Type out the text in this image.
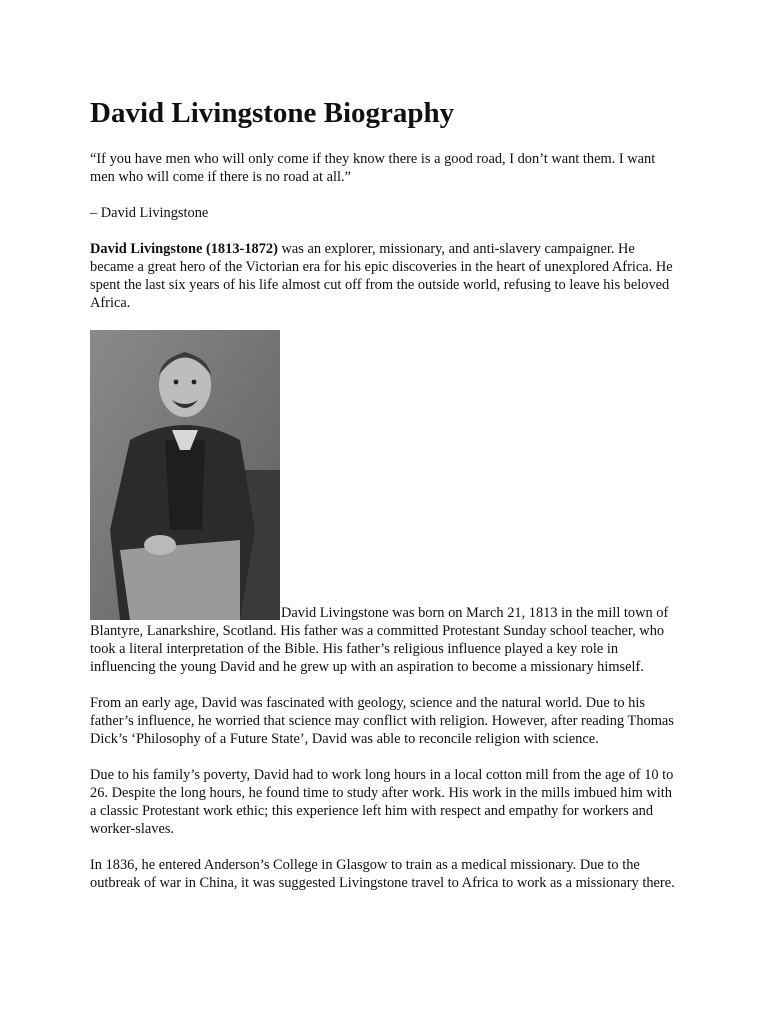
David Livingstone Biography

“If you have men who will only come if they know there is a good road, I don’t want them. I want men who will come if there is no road at all.”

– David Livingstone

David Livingstone (1813-1872) was an explorer, missionary, and anti-slavery campaigner. He became a great hero of the Victorian era for his epic discoveries in the heart of unexplored Africa. He spent the last six years of his life almost cut off from the outside world, refusing to leave his beloved Africa.

David Livingstone was born on March 21, 1813 in the mill town of Blantyre, Lanarkshire, Scotland. His father was a committed Protestant Sunday school teacher, who took a literal interpretation of the Bible. His father’s religious influence played a key role in influencing the young David and he grew up with an aspiration to become a missionary himself.

From an early age, David was fascinated with geology, science and the natural world. Due to his father’s influence, he worried that science may conflict with religion. However, after reading Thomas Dick’s ‘Philosophy of a Future State’, David was able to reconcile religion with science.

Due to his family’s poverty, David had to work long hours in a local cotton mill from the age of 10 to 26. Despite the long hours, he found time to study after work. His work in the mills imbued him with a classic Protestant work ethic; this experience left him with respect and empathy for workers and worker-slaves.

In 1836, he entered Anderson’s College in Glasgow to train as a medical missionary. Due to the outbreak of war in China, it was suggested Livingstone travel to Africa to work as a missionary there.
